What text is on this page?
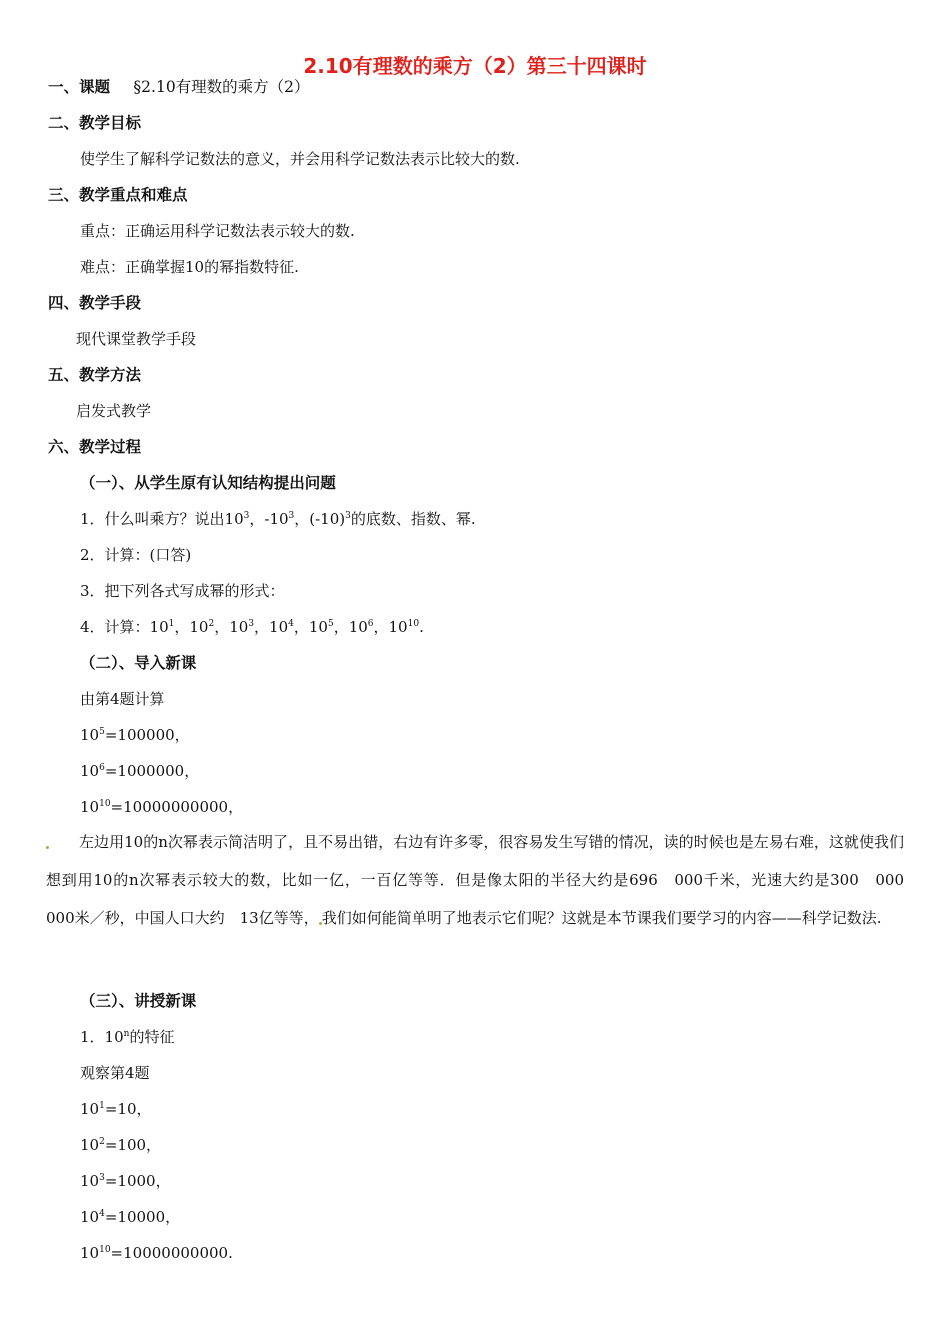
2.10有理数的乘方（2）第三十四课时
一、课题 §2.10有理数的乘方（2）
二、教学目标
使学生了解科学记数法的意义，并会用科学记数法表示比较大的数.
三、教学重点和难点
重点：正确运用科学记数法表示较大的数.
难点：正确掌握10的幂指数特征.
四、教学手段
现代课堂教学手段
五、教学方法
启发式教学
六、教学过程
（一）、从学生原有认知结构提出问题
1．什么叫乘方？说出$10^3$，$-10^3$，$(-10)^3$的底数、指数、幂.
2．计算：(口答)
3．把下列各式写成幂的形式：
4．计算：$10^1$，$10^2$，$10^3$，$10^4$，$10^5$，$10^6$，$10^{10}$.
（二）、导入新课
由第4题计算
$10^5=100000$，
$10^6=1000000$，
$10^{10}=10000000000$，
左边用10的n次幂表示简洁明了，且不易出错，右边有许多零，很容易发生写错的情况，读的时候也是左易右难，这就使我们想到用10的n次幂表示较大的数，比如一亿，一百亿等等．但是像太阳的半径大约是696　000千米，光速大约是300　000　000米／秒，中国人口大约　13亿等等， 我们如何能简单明了地表示它们呢？这就是本节课我们要学习的内容——科学记数法.
（三）、讲授新课
1．10$^n$的特征
观察第4题
$10^1=10$，
$10^2=100$，
$10^3=1000$，
$10^4=10000$，
$10^{10}=10000000000$.
